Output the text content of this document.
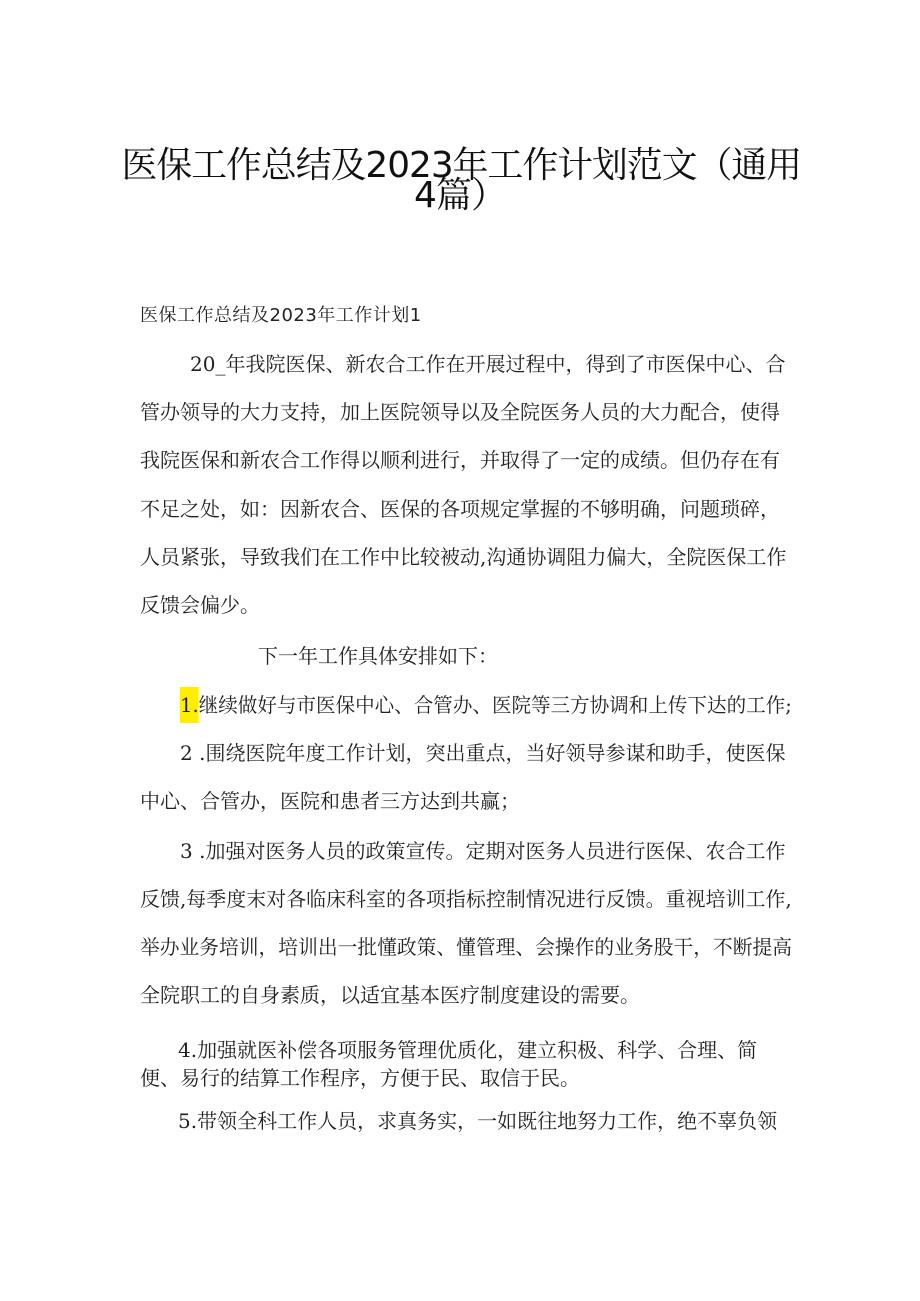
医保工作总结及2023年工作计划范文（通用
4篇）
医保工作总结及2023年工作计划1
20_年我院医保、新农合工作在开展过程中，得到了市医保中心、合
管办领导的大力支持，加上医院领导以及全院医务人员的大力配合，使得
我院医保和新农合工作得以顺利进行，并取得了一定的成绩。但仍存在有
不足之处，如：因新农合、医保的各项规定掌握的不够明确，问题琐碎，
人员紧张，导致我们在工作中比较被动,沟通协调阻力偏大，全院医保工作
反馈会偏少。
下一年工作具体安排如下：
1.继续做好与市医保中心、合管办、医院等三方协调和上传下达的工作;
2 .围绕医院年度工作计划，突出重点，当好领导参谋和助手，使医保
中心、合管办，医院和患者三方达到共赢；
3 .加强对医务人员的政策宣传。定期对医务人员进行医保、农合工作
反馈,每季度末对各临床科室的各项指标控制情况进行反馈。重视培训工作,
举办业务培训，培训出一批懂政策、懂管理、会操作的业务股干，不断提高
全院职工的自身素质，以适宜基本医疗制度建设的需要。
4.加强就医补偿各项服务管理优质化，建立积极、科学、合理、简
便、易行的结算工作程序，方便于民、取信于民。
5.带领全科工作人员，求真务实，一如既往地努力工作，绝不辜负领
